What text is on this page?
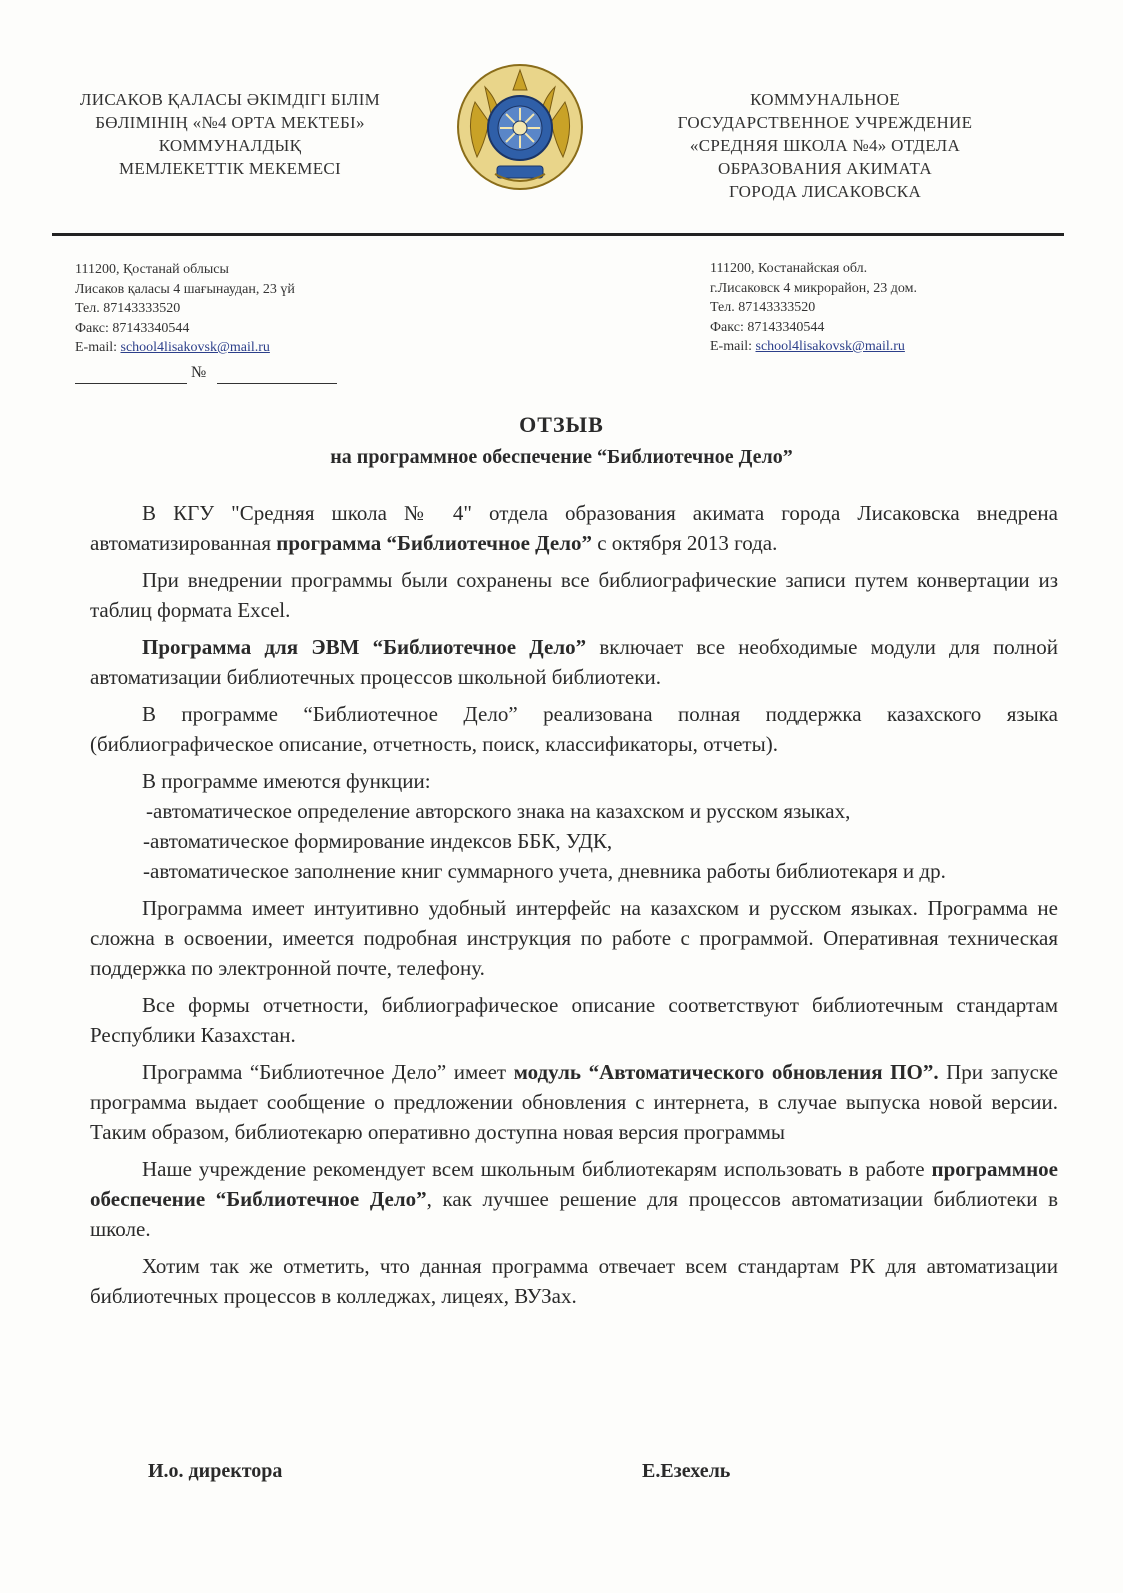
ЛИСАКОВ ҚАЛАСЫ ӘКІМДІГІ БІЛІМ
БӨЛІМІНІҢ «№4 ОРТА МЕКТЕБІ»
КОММУНАЛДЫҚ
МЕМЛЕКЕТТІК МЕКЕМЕСІ
КОММУНАЛЬНОЕ
ГОСУДАРСТВЕННОЕ УЧРЕЖДЕНИЕ
«СРЕДНЯЯ ШКОЛА №4» ОТДЕЛА
ОБРАЗОВАНИЯ АКИМАТА
ГОРОДА ЛИСАКОВСКА
111200, Қостанай облысы
Лисаков қаласы 4 шағынаудан, 23 үй
Тел. 87143333520
Факс: 87143340544
E-mail: school4lisakovsk@mail.ru
111200, Костанайская обл.
г.Лисаковск 4 микрорайон, 23 дом.
Тел. 87143333520
Факс: 87143340544
E-mail: school4lisakovsk@mail.ru
№
ОТЗЫВ
на программное обеспечение “Библиотечное Дело”

В КГУ "Средняя школа № 4" отдела образования акимата города Лисаковска внедрена автоматизированная программа “Библиотечное Дело” с октября 2013 года.

При внедрении программы были сохранены все библиографические записи путем конвертации из таблиц формата Excel.

Программа для ЭВМ “Библиотечное Дело” включает все необходимые модули для полной автоматизации библиотечных процессов школьной библиотеки.

В программе “Библиотечное Дело” реализована полная поддержка казахского языка (библиографическое описание, отчетность, поиск, классификаторы, отчеты).

В программе имеются функции:

-автоматическое определение авторского знака на казахском и русском языках,

-автоматическое формирование индексов ББК, УДК,

-автоматическое заполнение книг суммарного учета, дневника работы библиотекаря и др.

Программа имеет интуитивно удобный интерфейс на казахском и русском языках. Программа не сложна в освоении, имеется подробная инструкция по работе с программой. Оперативная техническая поддержка по электронной почте, телефону.

Все формы отчетности, библиографическое описание соответствуют библиотечным стандартам Республики Казахстан.

Программа “Библиотечное Дело” имеет модуль “Автоматического обновления ПО”. При запуске программа выдает сообщение о предложении обновления с интернета, в случае выпуска новой версии. Таким образом, библиотекарю оперативно доступна новая версия программы

Наше учреждение рекомендует всем школьным библиотекарям использовать в работе программное обеспечение “Библиотечное Дело”, как лучшее решение для процессов автоматизации библиотеки в школе.

Хотим так же отметить, что данная программа отвечает всем стандартам РК для автоматизации библиотечных процессов в колледжах, лицеях, ВУЗах.

И.о. директора	Е.Езехель
